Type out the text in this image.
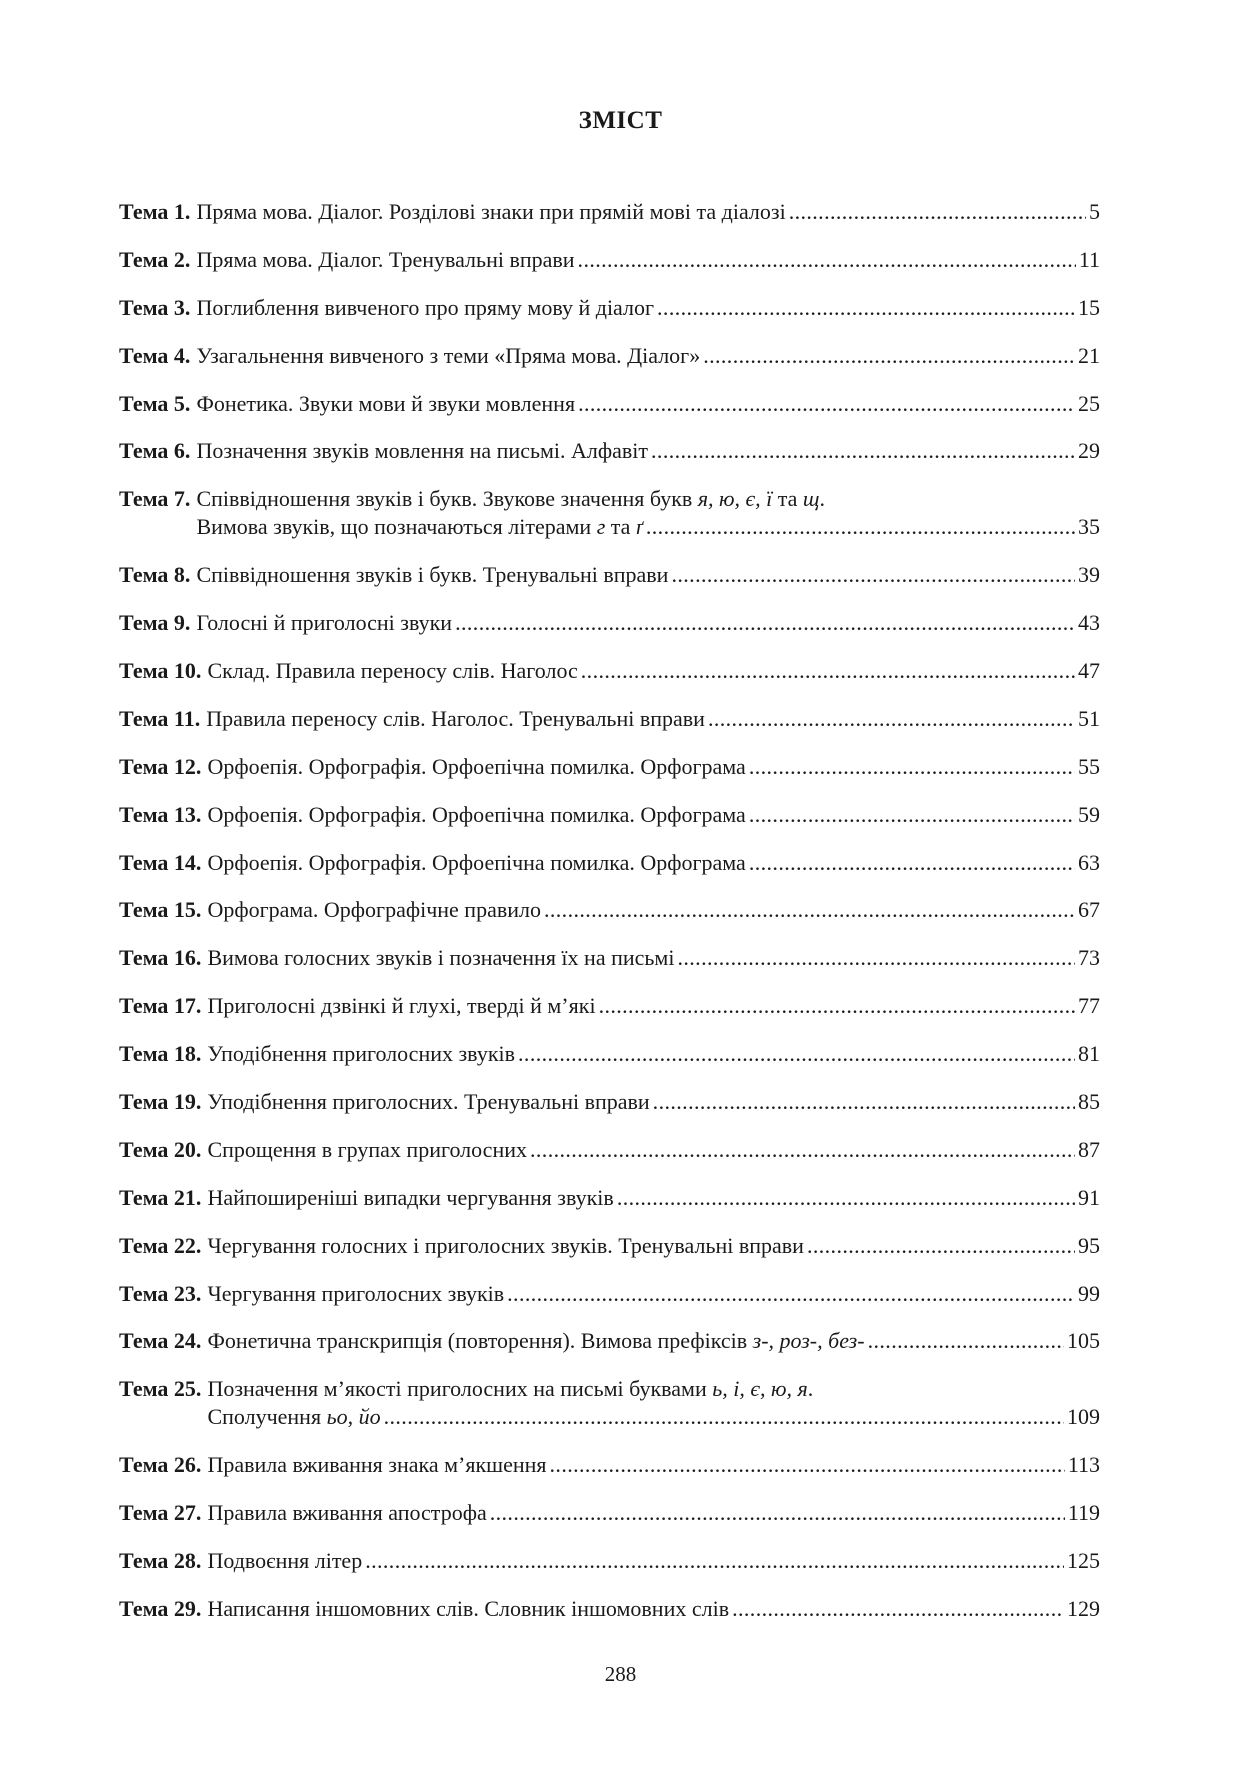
ЗМІСТ
Тема 1. Пряма мова. Діалог. Розділові знаки при прямій мові та діалозі .....	5
Тема 2. Пряма мова. Діалог. Тренувальні вправи .....	11
Тема 3. Поглиблення вивченого про пряму мову й діалог .....	15
Тема 4. Узагальнення вивченого з теми «Пряма мова. Діалог» .....	21
Тема 5. Фонетика. Звуки мови й звуки мовлення .....	25
Тема 6. Позначення звуків мовлення на письмі. Алфавіт .....	29
Тема 7. Співвідношення звуків і букв. Звукове значення букв я, ю, є, ї та щ.
Вимова звуків, що позначаються літерами г та ґ .....	35
Тема 8. Співвідношення звуків і букв. Тренувальні вправи .....	39
Тема 9. Голосні й приголосні звуки .....	43
Тема 10. Склад. Правила переносу слів. Наголос .....	47
Тема 11. Правила переносу слів. Наголос. Тренувальні вправи .....	51
Тема 12. Орфоепія. Орфографія. Орфоепічна помилка. Орфограма .....	55
Тема 13. Орфоепія. Орфографія. Орфоепічна помилка. Орфограма .....	59
Тема 14. Орфоепія. Орфографія. Орфоепічна помилка. Орфограма .....	63
Тема 15. Орфограма. Орфографічне правило .....	67
Тема 16. Вимова голосних звуків і позначення їх на письмі .....	73
Тема 17. Приголосні дзвінкі й глухі, тверді й м’які .....	77
Тема 18. Уподібнення приголосних звуків .....	81
Тема 19. Уподібнення приголосних. Тренувальні вправи .....	85
Тема 20. Спрощення в групах приголосних .....	87
Тема 21. Найпоширеніші випадки чергування звуків .....	91
Тема 22. Чергування голосних і приголосних звуків. Тренувальні вправи .....	95
Тема 23. Чергування приголосних звуків .....	99
Тема 24. Фонетична транскрипція (повторення). Вимова префіксів з-, роз-, без- .....	105
Тема 25. Позначення м’якості приголосних на письмі буквами ь, і, є, ю, я.
Сполучення ьо, йо .....	109
Тема 26. Правила вживання знака м’якшення .....	113
Тема 27. Правила вживання апострофа .....	119
Тема 28. Подвоєння літер .....	125
Тема 29. Написання іншомовних слів. Словник іншомовних слів .....	129
288
